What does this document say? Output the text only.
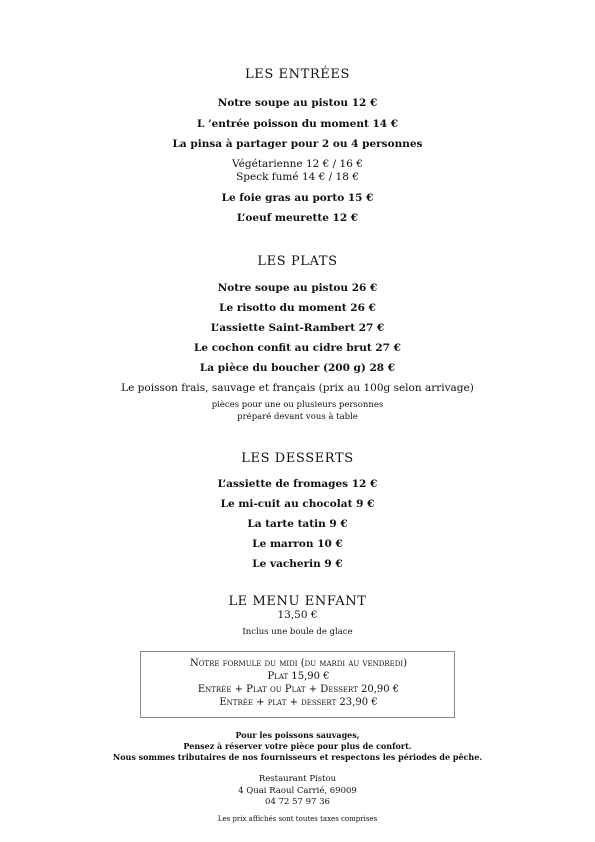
LES ENTRÉES
Notre soupe au pistou 12 €
L ’entrée poisson du moment 14 €
La pinsa à partager pour 2 ou 4 personnes
Végétarienne 12 € / 16 €
Speck fumé 14 € / 18 €
Le foie gras au porto 15 €
L’oeuf meurette 12 €
LES PLATS
Notre soupe au pistou 26 €
Le risotto du moment 26 €
L’assiette Saint-Rambert 27 €
Le cochon confit au cidre brut 27 €
La pièce du boucher (200 g) 28 €
Le poisson frais, sauvage et français (prix au 100g selon arrivage)
pièces pour une ou plusieurs personnes
préparé devant vous à table
LES DESSERTS
L’assiette de fromages 12 €
Le mi-cuit au chocolat 9 €
La tarte tatin 9 €
Le marron 10 €
Le vacherin 9 €
LE MENU ENFANT
13,50 €
Inclus une boule de glace
Notre formule du midi (du mardi au vendredi)
Plat 15,90 €
Entrée + Plat ou Plat + Dessert 20,90 €
Entrée + plat + dessert 23,90 €
Pour les poissons sauvages,
Pensez à réserver votre pièce pour plus de confort.
Nous sommes tributaires de nos fournisseurs et respectons les périodes de pêche.
Restaurant Pistou
4 Quai Raoul Carrié, 69009
04 72 57 97 36
Les prix affichés sont toutes taxes comprises
